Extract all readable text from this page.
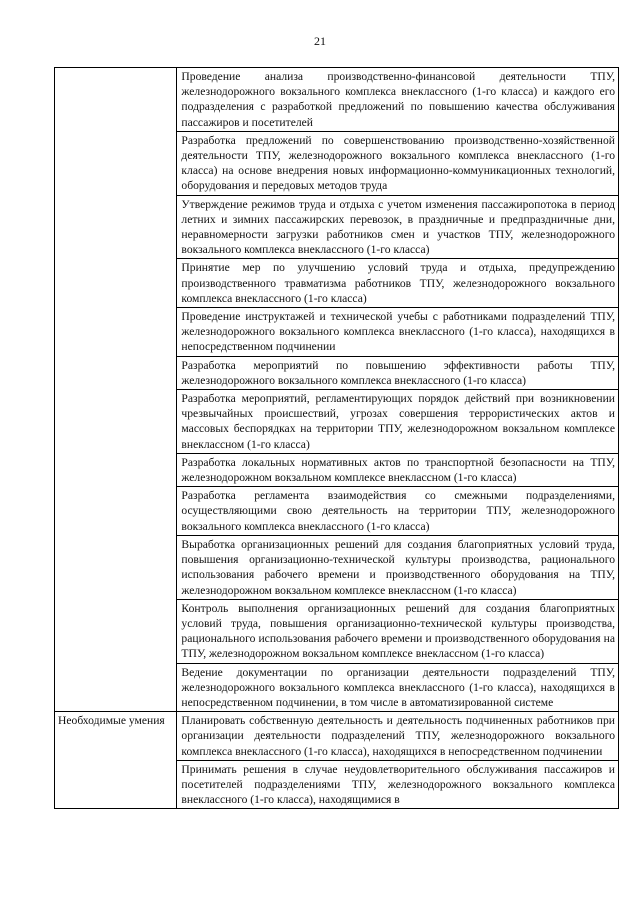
21
	Проведение анализа производственно-финансовой деятельности ТПУ, железнодорожного вокзального комплекса внеклассного (1-го класса) и каждого его подразделения с разработкой предложений по повышению качества обслуживания пассажиров и посетителей
	Разработка предложений по совершенствованию производственно-хозяйственной деятельности ТПУ, железнодорожного вокзального комплекса внеклассного (1-го класса) на основе внедрения новых информационно-коммуникационных технологий, оборудования и передовых методов труда
	Утверждение режимов труда и отдыха с учетом изменения пассажиропотока в период летних и зимних пассажирских перевозок, в праздничные и предпраздничные дни, неравномерности загрузки работников смен и участков ТПУ, железнодорожного вокзального комплекса внеклассного (1-го класса)
	Принятие мер по улучшению условий труда и отдыха, предупреждению производственного травматизма работников ТПУ, железнодорожного вокзального комплекса внеклассного (1-го класса)
	Проведение инструктажей и технической учебы с работниками подразделений ТПУ, железнодорожного вокзального комплекса внеклассного (1-го класса), находящихся в непосредственном подчинении
	Разработка мероприятий по повышению эффективности работы ТПУ, железнодорожного вокзального комплекса внеклассного (1-го класса)
	Разработка мероприятий, регламентирующих порядок действий при возникновении чрезвычайных происшествий, угрозах совершения террористических актов и массовых беспорядках на территории ТПУ, железнодорожном вокзальном комплексе внеклассном (1-го класса)
	Разработка локальных нормативных актов по транспортной безопасности на ТПУ, железнодорожном вокзальном комплексе внеклассном (1-го класса)
	Разработка регламента взаимодействия со смежными подразделениями, осуществляющими свою деятельность на территории ТПУ, железнодорожного вокзального комплекса внеклассного (1-го класса)
	Выработка организационных решений для создания благоприятных условий труда, повышения организационно-технической культуры производства, рационального использования рабочего времени и производственного оборудования на ТПУ, железнодорожном вокзальном комплексе внеклассном (1-го класса)
	Контроль выполнения организационных решений для создания благоприятных условий труда, повышения организационно-технической культуры производства, рационального использования рабочего времени и производственного оборудования на ТПУ, железнодорожном вокзальном комплексе внеклассном (1-го класса)
	Ведение документации по организации деятельности подразделений ТПУ, железнодорожного вокзального комплекса внеклассного (1-го класса), находящихся в непосредственном подчинении, в том числе в автоматизированной системе
Необходимые умения	Планировать собственную деятельность и деятельность подчиненных работников при организации деятельности подразделений ТПУ, железнодорожного вокзального комплекса внеклассного (1-го класса), находящихся в непосредственном подчинении
	Принимать решения в случае неудовлетворительного обслуживания пассажиров и посетителей подразделениями ТПУ, железнодорожного вокзального комплекса внеклассного (1-го класса), находящимися в
